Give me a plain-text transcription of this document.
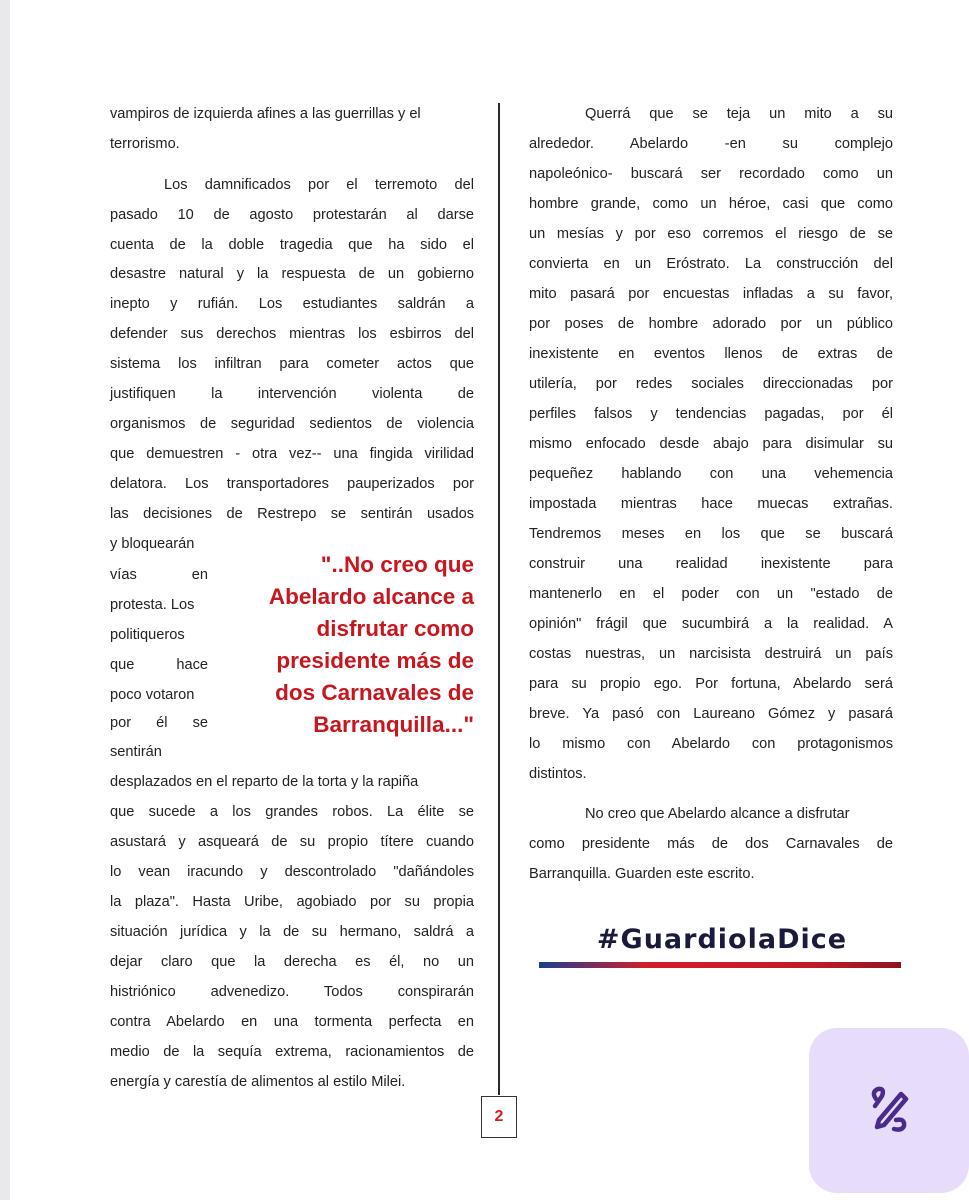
vampiros de izquierda afines a las guerrillas y el
terrorismo.
Los damnificados por el terremoto del
pasado 10 de agosto protestarán al darse
cuenta de la doble tragedia que ha sido el
desastre natural y la respuesta de un gobierno
inepto y rufián. Los estudiantes saldrán a
defender sus derechos mientras los esbirros del
sistema los infiltran para cometer actos que
justifiquen la intervención violenta de
organismos de seguridad sedientos de violencia
que demuestren - otra vez-- una fingida virilidad
delatora. Los transportadores pauperizados por
las decisiones de Restrepo se sentirán usados
y bloquearán
vías en
protesta. Los
politiqueros
que hace
poco votaron
por él se
sentirán
desplazados en el reparto de la torta y la rapiña
que sucede a los grandes robos. La élite se
asustará y asqueará de su propio títere cuando
lo vean iracundo y descontrolado "dañándoles
la plaza". Hasta Uribe, agobiado por su propia
situación jurídica y la de su hermano, saldrá a
dejar claro que la derecha es él, no un
histriónico advenedizo. Todos conspirarán
contra Abelardo en una tormenta perfecta en
medio de la sequía extrema, racionamientos de
energía y carestía de alimentos al estilo Milei.
"..No creo que
Abelardo alcance a
disfrutar como
presidente más de
dos Carnavales de
Barranquilla..."
2
Querrá que se teja un mito a su
alrededor. Abelardo -en su complejo
napoleónico- buscará ser recordado como un
hombre grande, como un héroe, casi que como
un mesías y por eso corremos el riesgo de se
convierta en un Eróstrato. La construcción del
mito pasará por encuestas infladas a su favor,
por poses de hombre adorado por un público
inexistente en eventos llenos de extras de
utilería, por redes sociales direccionadas por
perfiles falsos y tendencias pagadas, por él
mismo enfocado desde abajo para disimular su
pequeñez hablando con una vehemencia
impostada mientras hace muecas extrañas.
Tendremos meses en los que se buscará
construir una realidad inexistente para
mantenerlo en el poder con un "estado de
opinión" frágil que sucumbirá a la realidad. A
costas nuestras, un narcisista destruirá un país
para su propio ego. Por fortuna, Abelardo será
breve. Ya pasó con Laureano Gómez y pasará
lo mismo con Abelardo con protagonismos
distintos.
No creo que Abelardo alcance a disfrutar
como presidente más de dos Carnavales de
Barranquilla. Guarden este escrito.
#GuardiolaDice
